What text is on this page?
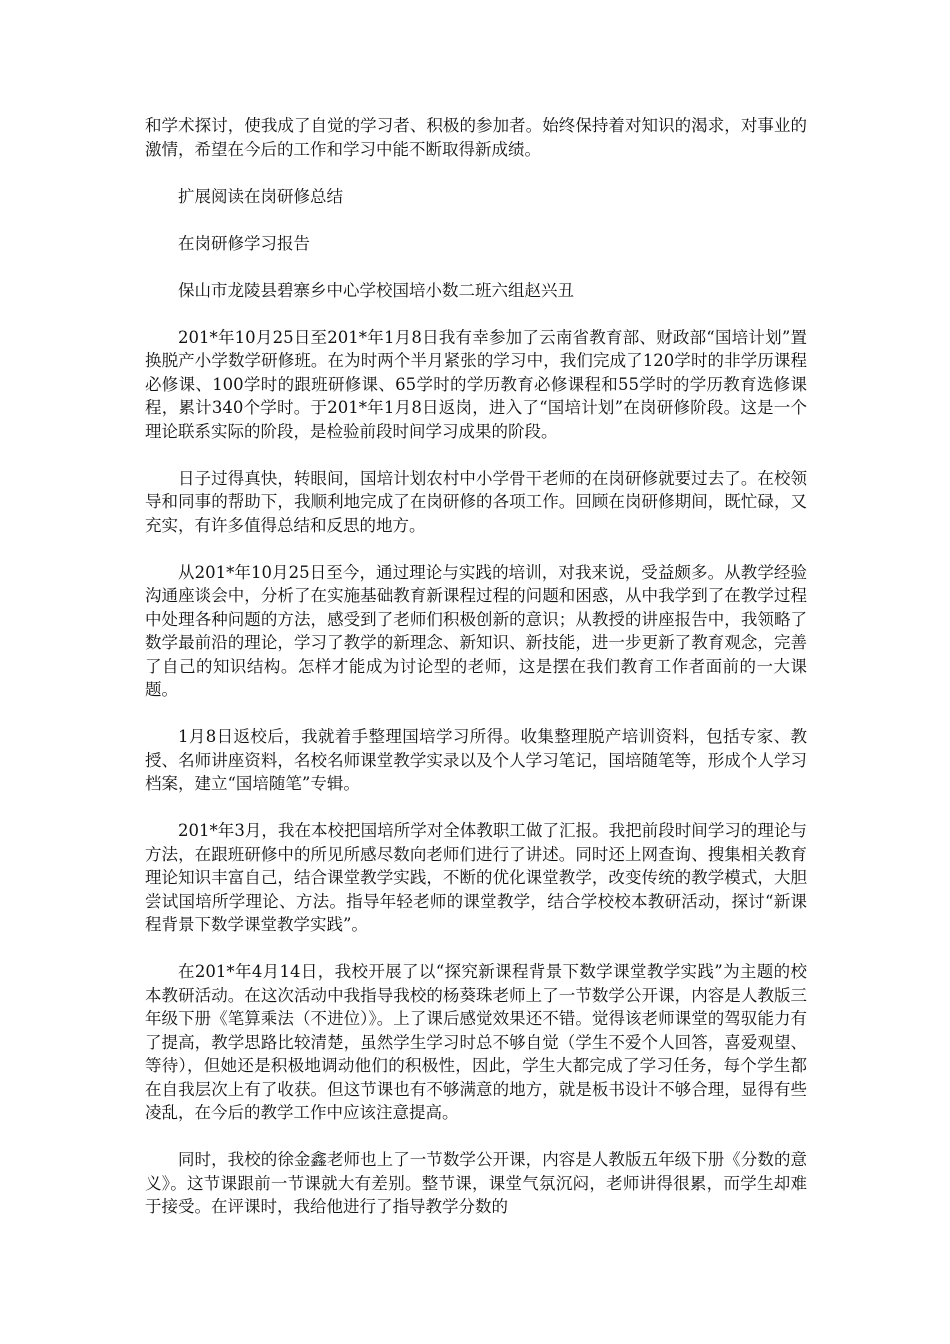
和学术探讨，使我成了自觉的学习者、积极的参加者。始终保持着对知识的渴求，对事业的激情，希望在今后的工作和学习中能不断取得新成绩。

扩展阅读在岗研修总结

在岗研修学习报告

保山市龙陵县碧寨乡中心学校国培小数二班六组赵兴丑

201*年10月25日至201*年1月8日我有幸参加了云南省教育部、财政部“国培计划”置换脱产小学数学研修班。在为时两个半月紧张的学习中，我们完成了120学时的非学历课程必修课、100学时的跟班研修课、65学时的学历教育必修课程和55学时的学历教育选修课程，累计340个学时。于201*年1月8日返岗，进入了“国培计划”在岗研修阶段。这是一个理论联系实际的阶段，是检验前段时间学习成果的阶段。

日子过得真快，转眼间，国培计划农村中小学骨干老师的在岗研修就要过去了。在校领导和同事的帮助下，我顺利地完成了在岗研修的各项工作。回顾在岗研修期间，既忙碌，又充实，有许多值得总结和反思的地方。

从201*年10月25日至今，通过理论与实践的培训，对我来说，受益颇多。从教学经验沟通座谈会中，分析了在实施基础教育新课程过程的问题和困惑，从中我学到了在教学过程中处理各种问题的方法，感受到了老师们积极创新的意识；从教授的讲座报告中，我领略了数学最前沿的理论，学习了教学的新理念、新知识、新技能，进一步更新了教育观念，完善了自己的知识结构。怎样才能成为讨论型的老师，这是摆在我们教育工作者面前的一大课题。

1月8日返校后，我就着手整理国培学习所得。收集整理脱产培训资料，包括专家、教授、名师讲座资料，名校名师课堂教学实录以及个人学习笔记，国培随笔等，形成个人学习档案，建立“国培随笔”专辑。

201*年3月，我在本校把国培所学对全体教职工做了汇报。我把前段时间学习的理论与方法，在跟班研修中的所见所感尽数向老师们进行了讲述。同时还上网查询、搜集相关教育理论知识丰富自己，结合课堂教学实践，不断的优化课堂教学，改变传统的教学模式，大胆尝试国培所学理论、方法。指导年轻老师的课堂教学，结合学校校本教研活动，探讨“新课程背景下数学课堂教学实践”。

在201*年4月14日，我校开展了以“探究新课程背景下数学课堂教学实践”为主题的校本教研活动。在这次活动中我指导我校的杨葵珠老师上了一节数学公开课，内容是人教版三年级下册《笔算乘法（不进位）》。上了课后感觉效果还不错。觉得该老师课堂的驾驭能力有了提高，教学思路比较清楚，虽然学生学习时总不够自觉（学生不爱个人回答，喜爱观望、等待），但她还是积极地调动他们的积极性，因此，学生大都完成了学习任务，每个学生都在自我层次上有了收获。但这节课也有不够满意的地方，就是板书设计不够合理，显得有些凌乱，在今后的教学工作中应该注意提高。

同时，我校的徐金鑫老师也上了一节数学公开课，内容是人教版五年级下册《分数的意义》。这节课跟前一节课就大有差别。整节课，课堂气氛沉闷，老师讲得很累，而学生却难于接受。在评课时，我给他进行了指导教学分数的
